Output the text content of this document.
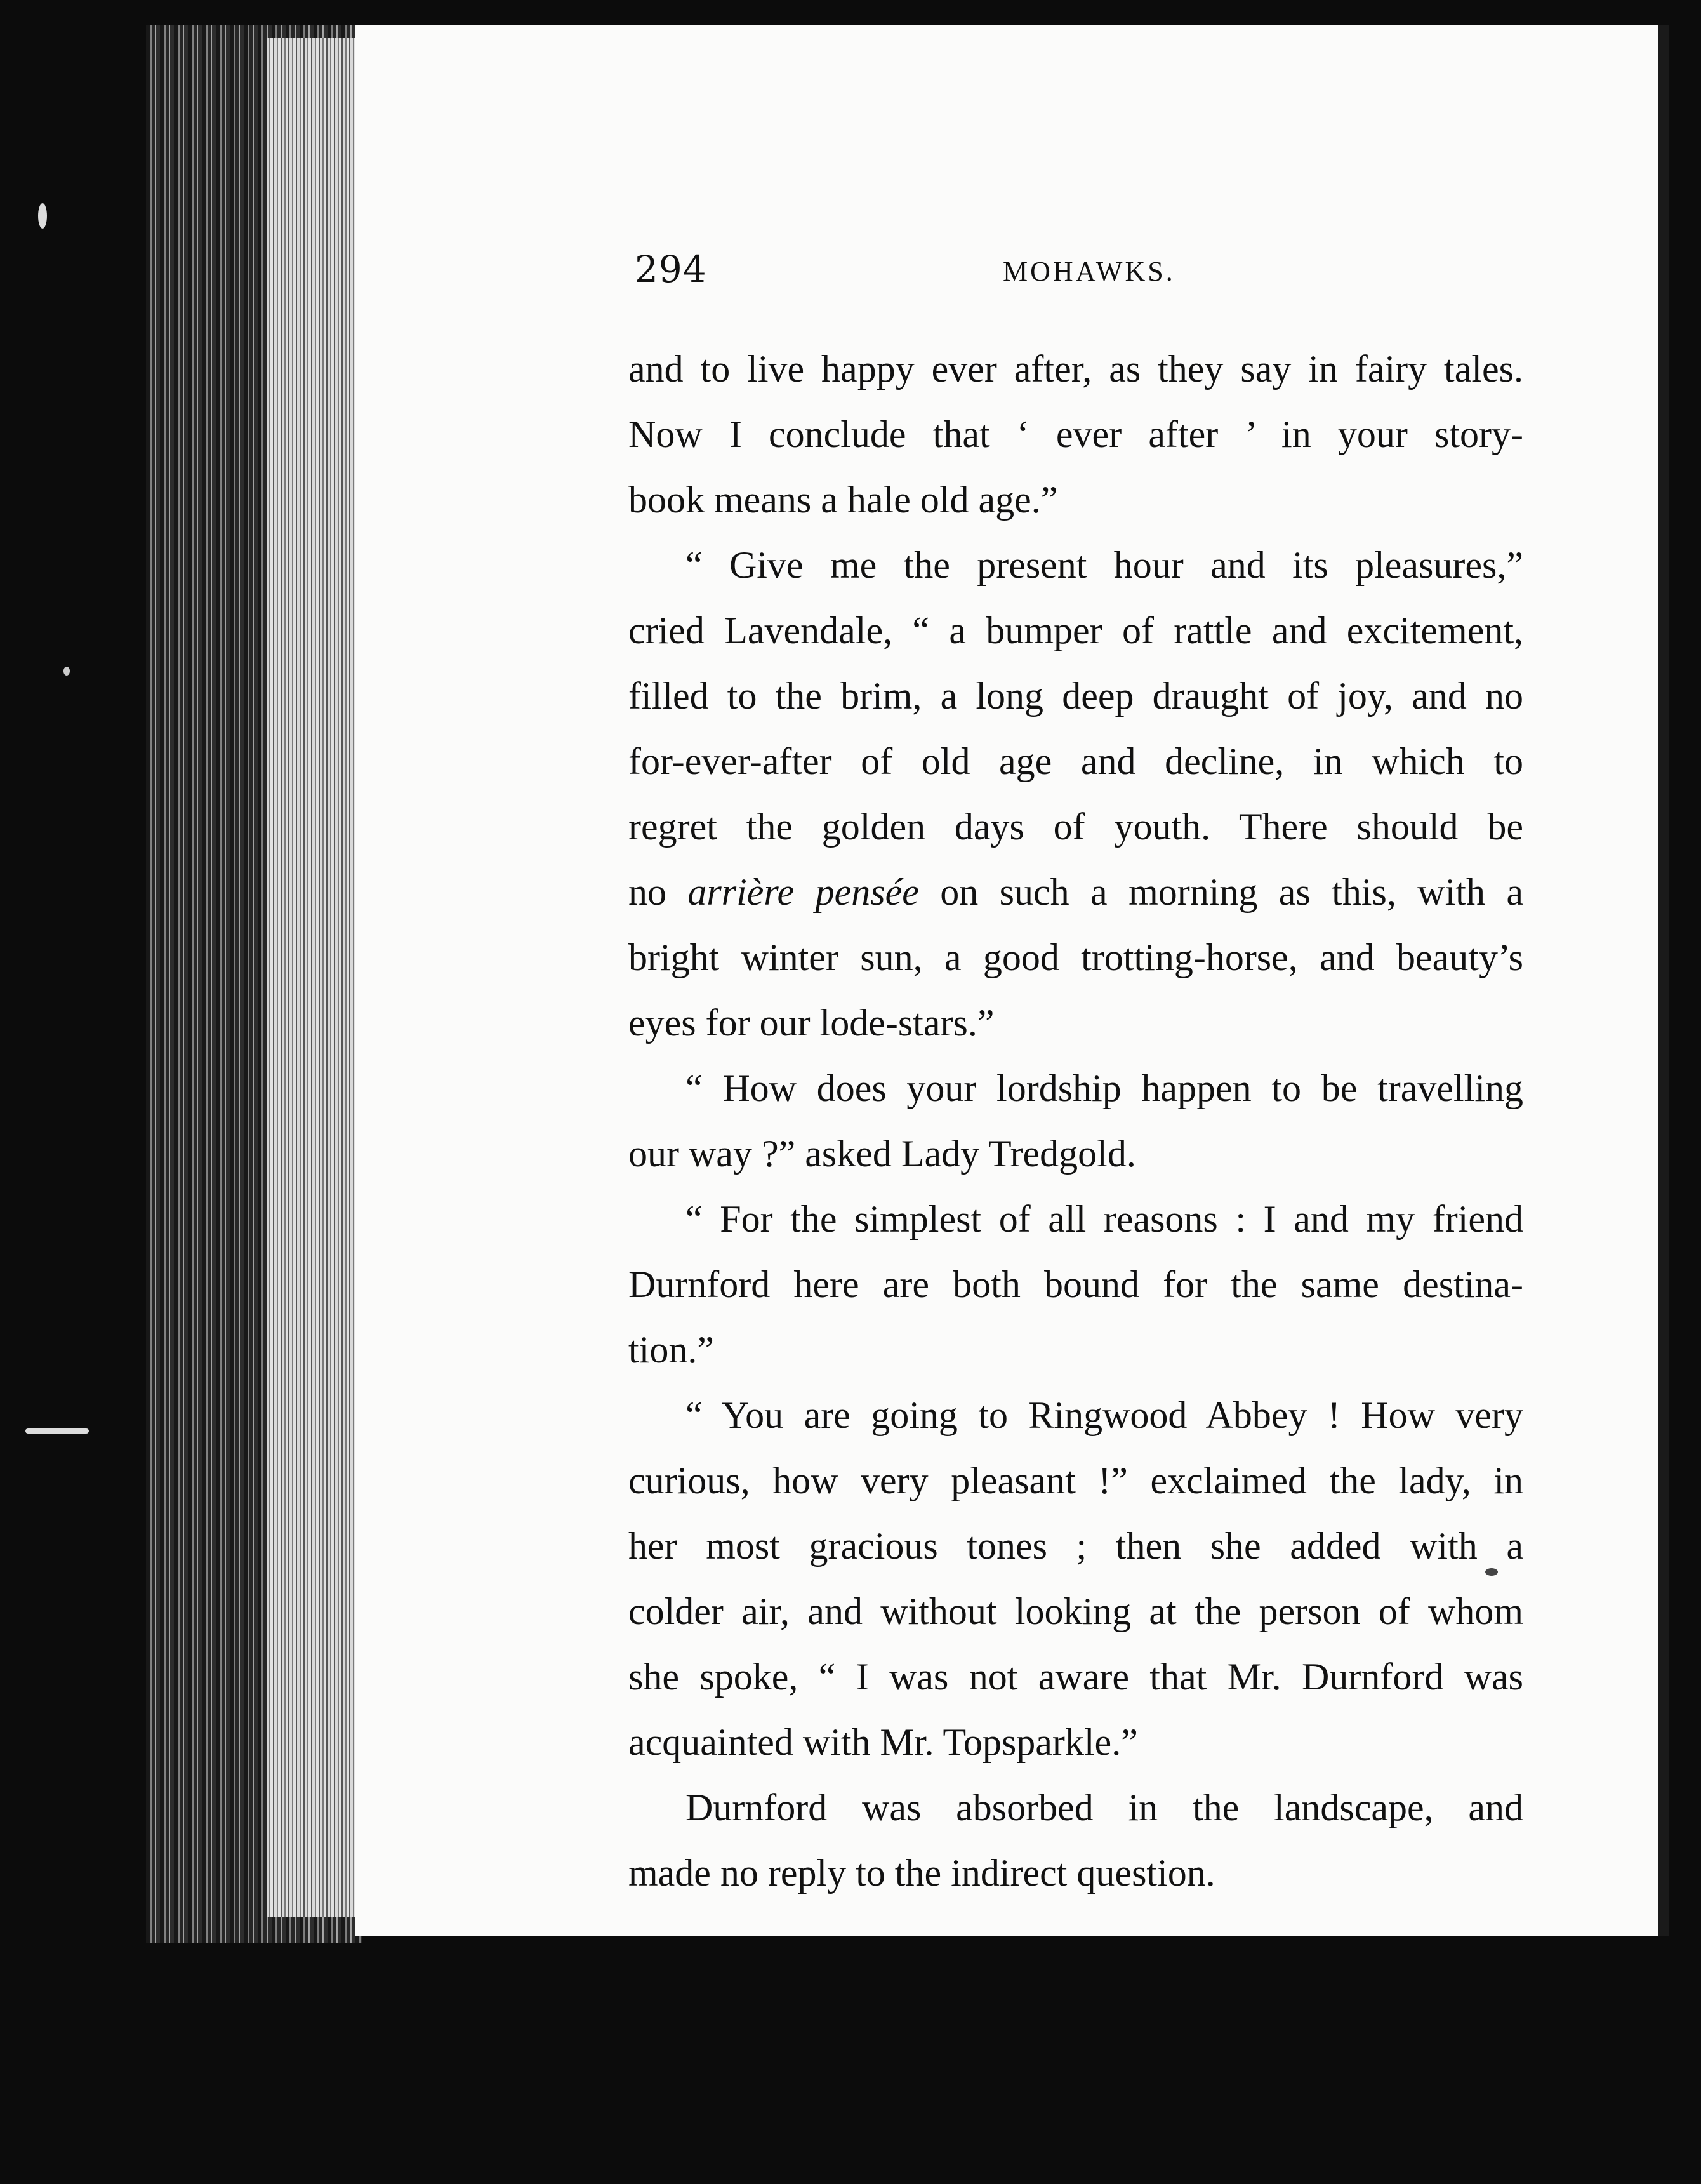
294	MOHAWKS.
and to live happy ever after, as they say in fairy tales.
Now I conclude that ‘ ever after ’ in your story-
book means a hale old age.”
“ Give me the present hour and its pleasures,”
cried Lavendale, “ a bumper of rattle and excitement,
filled to the brim, a long deep draught of joy, and no
for-ever-after of old age and decline, in which to
regret the golden days of youth. There should be
no arrière pensée on such a morning as this, with a
bright winter sun, a good trotting-horse, and beauty’s
eyes for our lode-stars.”
“ How does your lordship happen to be travelling
our way ?” asked Lady Tredgold.
“ For the simplest of all reasons : I and my friend
Durnford here are both bound for the same destina-
tion.”
“ You are going to Ringwood Abbey ! How very
curious, how very pleasant !” exclaimed the lady, in
her most gracious tones ; then she added with a
colder air, and without looking at the person of whom
she spoke, “ I was not aware that Mr. Durnford was
acquainted with Mr. Topsparkle.”
Durnford was absorbed in the landscape, and
made no reply to the indirect question.
